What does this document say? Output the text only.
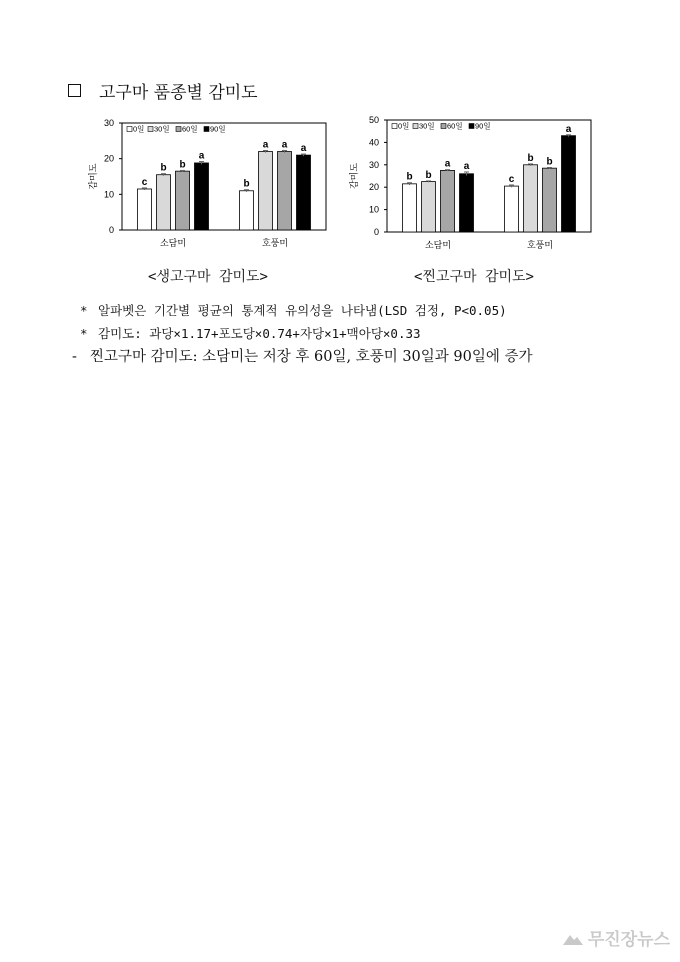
고구마 품종별 감미도
0
10
20
30
감미도	c
b b
a
소담미
b
a a a
호풍미
0일 30일 60일 90일
<생고구마 감미도>
0
10
20
30
40
50
감미도	b b
a a
소담미
c
b b
a
호풍미
0일 30일 60일 90일
<찐고구마 감미도>
* 알파벳은 기간별 평균의 통계적 유의성을 나타냄(LSD 검정, P<0.05)
* 감미도: 과당×1.17+포도당×0.74+자당×1+맥아당×0.33
- 찐고구마 감미도: 소담미는 저장 후 60일, 호풍미 30일과 90일에 증가
무진장뉴스
